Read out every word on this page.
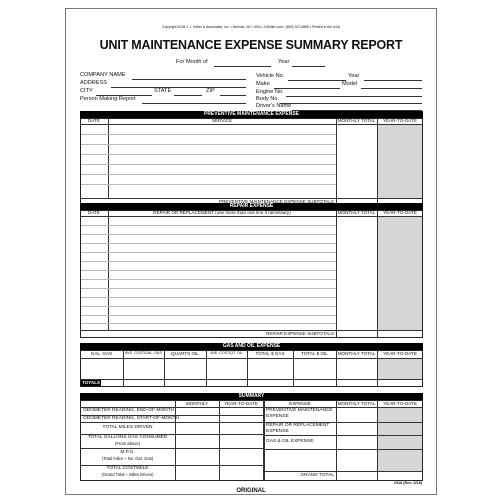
Copyright 2018 J. J. Keller & Associates, Inc. • Neenah, WI • USA • JJKeller.com • (800) 327-6868 • Printed in the USA
UNIT MAINTENANCE EXPENSE SUMMARY REPORT
For Month of	Year
COMPANY NAME
ADDRESS
CITY	STATE	ZIP
Person Making Report
Vehicle No.	Year
Make	Model
Engine No.
Body No.
Driver's Name
PREVENTIVE MAINTENANCE EXPENSE
DATE	SERVICE	MONTHLY TOTAL	YEAR-TO-DATE
PREVENTIVE MAINTENANCE EXPENSE SUBTOTALS
REPAIR EXPENSE
DATE	REPAIR OR REPLACEMENT (use more than one line if necessary)	MONTHLY TOTAL	YEAR-TO-DATE
REPAIR EXPENSE SUBTOTALS
GAS AND OIL EXPENSE
GAL. GAS	AVE. COST/GAL. GAS	QUARTS OIL	AVE. COST/QT. OIL	TOTAL $ GAS	TOTAL $ OIL	MONTHLY TOTAL	YEAR-TO-DATE
TOTALS
SUMMARY
MONTHLY	YEAR-TO-DATE	EXPENSE	MONTHLY TOTAL	YEAR-TO-DATE
ODOMETER READING, END-OF-MONTH
ODOMETER READING, START-OF-MONTH
TOTAL MILES DRIVEN
TOTAL GALLONS GAS CONSUMED
(From above)
M.P.G.
(Total miles ÷ No. Gal. Gas)
TOTAL COST/MILE
(Grand Total ÷ Miles Driven)
PREVENTIVE MAINTENANCE
EXPENSE
REPAIR OR REPLACEMENT
EXPENSE
GAS & OIL EXPENSE
GRAND TOTAL
1918 (Rev. 3/18)
ORIGINAL
